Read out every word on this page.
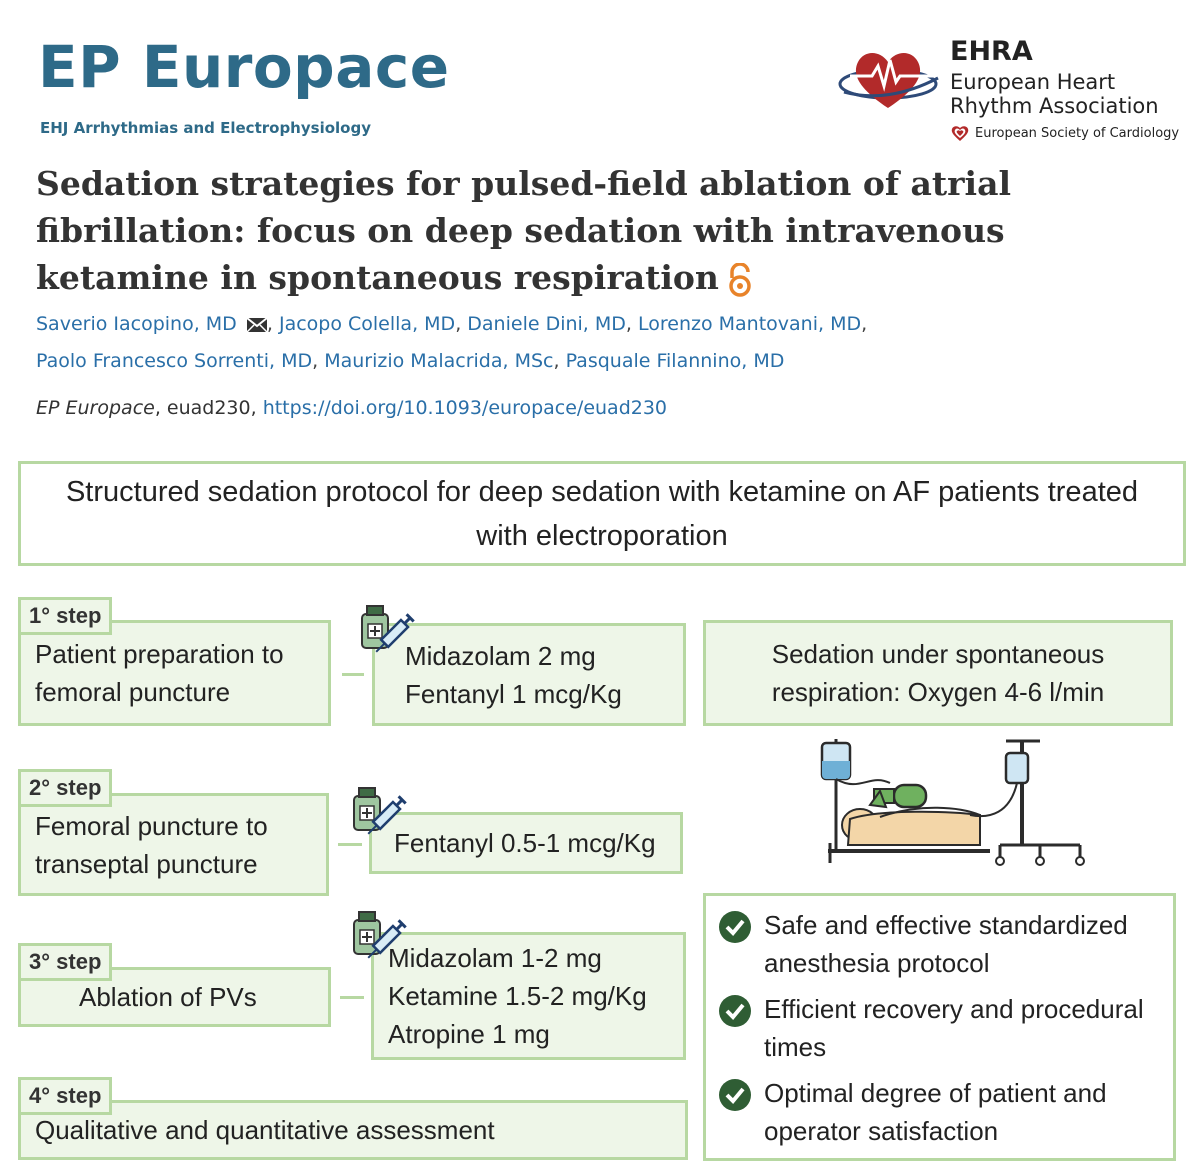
EP Europace
EHJ Arrhythmias and Electrophysiology
EHRA
European Heart
Rhythm Association
European Society of Cardiology
Sedation strategies for pulsed-field ablation of atrial fibrillation: focus on deep sedation with intravenous ketamine in spontaneous respiration
Saverio Iacopino, MD , Jacopo Colella, MD, Daniele Dini, MD, Lorenzo Mantovani, MD,
Paolo Francesco Sorrenti, MD, Maurizio Malacrida, MSc, Pasquale Filannino, MD
EP Europace, euad230, https://doi.org/10.1093/europace/euad230
Structured sedation protocol for deep sedation with ketamine on AF patients treated with electroporation
Patient preparation to femoral puncture
1° step
Midazolam 2 mg
Fentanyl 1 mcg/Kg
Sedation under spontaneous respiration: Oxygen 4-6 l/min
Femoral puncture to transeptal puncture
2° step
Fentanyl 0.5-1 mcg/Kg
Ablation of PVs
3° step	Midazolam 1-2 mg
Ketamine 1.5-2 mg/Kg
Atropine 1 mg
Qualitative and quantitative assessment
4° step
Safe and effective standardized anesthesia protocol
Efficient recovery and procedural times
Optimal degree of patient and operator satisfaction
